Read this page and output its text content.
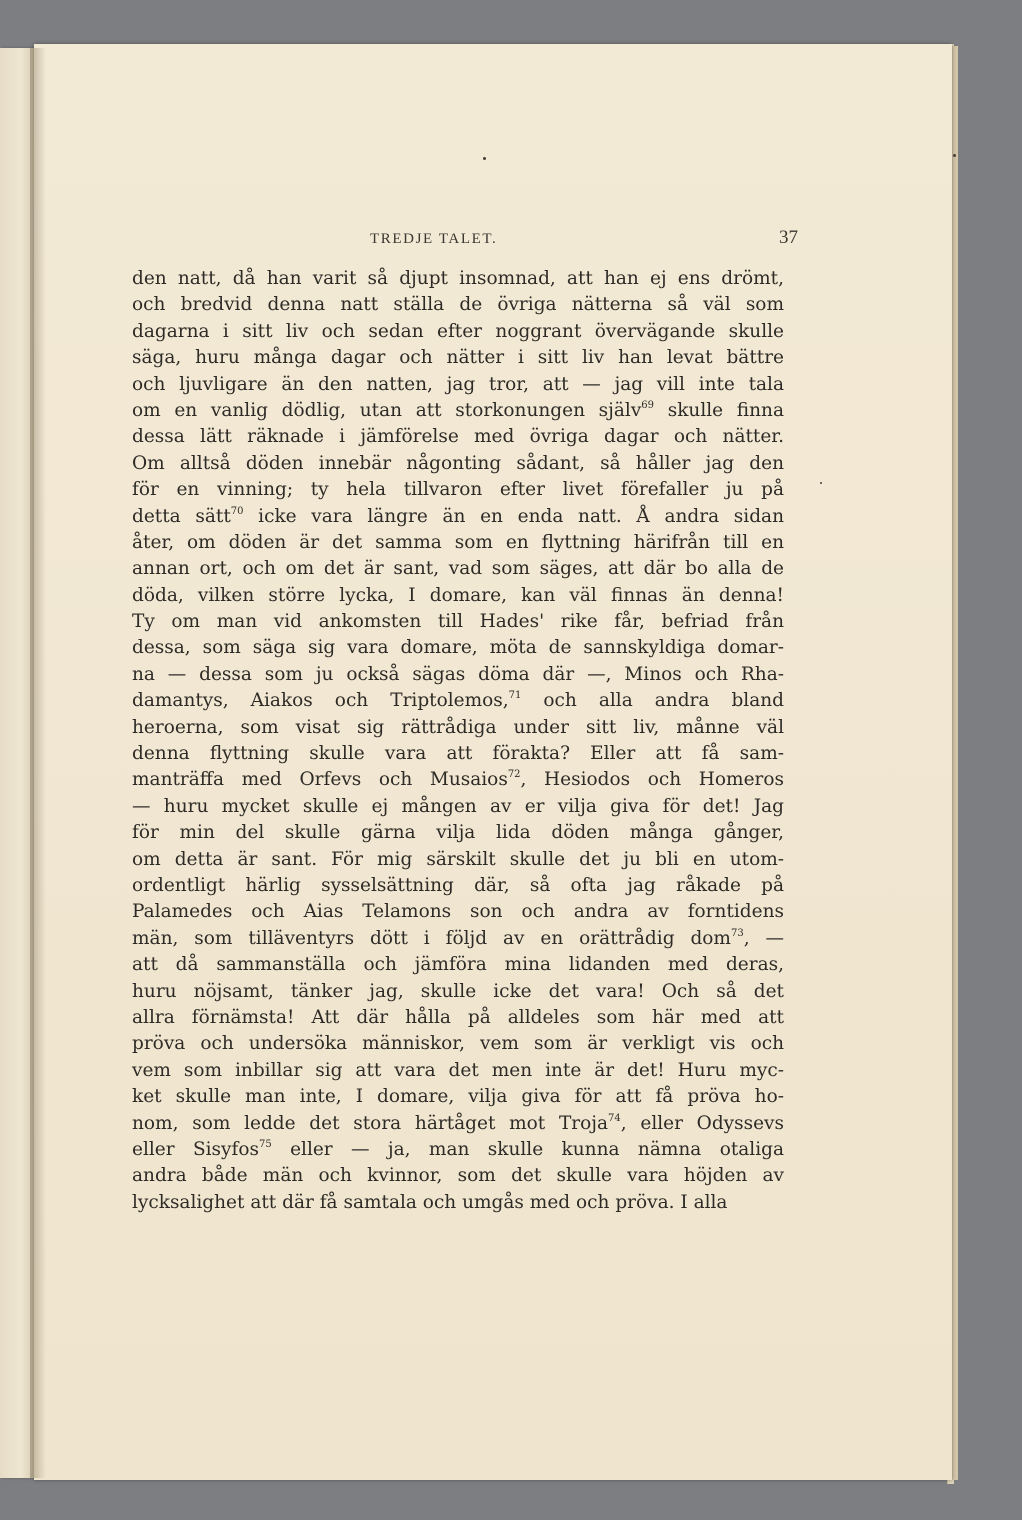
TREDJE TALET.	37
den natt, då han varit så djupt insomnad, att han ej ens drömt,
och bredvid denna natt ställa de övriga nätterna så väl som
dagarna i sitt liv och sedan efter noggrant övervägande skulle
säga, huru många dagar och nätter i sitt liv han levat bättre
och ljuvligare än den natten, jag tror, att — jag vill inte tala
om en vanlig dödlig, utan att storkonungen själv$^{69}$ skulle finna
dessa lätt räknade i jämförelse med övriga dagar och nätter.
Om alltså döden innebär någonting sådant, så håller jag den
för en vinning; ty hela tillvaron efter livet förefaller ju på
detta sätt$^{70}$ icke vara längre än en enda natt. Å andra sidan
åter, om döden är det samma som en flyttning härifrån till en
annan ort, och om det är sant, vad som säges, att där bo alla de
döda, vilken större lycka, I domare, kan väl finnas än denna!
Ty om man vid ankomsten till Hades' rike får, befriad från
dessa, som säga sig vara domare, möta de sannskyldiga domar-
na — dessa som ju också sägas döma där —, Minos och Rha-
damantys, Aiakos och Triptolemos,$^{71}$ och alla andra bland
heroerna, som visat sig rättrådiga under sitt liv, månne väl
denna flyttning skulle vara att förakta? Eller att få sam-
manträffa med Orfevs och Musaios$^{72}$, Hesiodos och Homeros
— huru mycket skulle ej mången av er vilja giva för det! Jag
för min del skulle gärna vilja lida döden många gånger,
om detta är sant. För mig särskilt skulle det ju bli en utom-
ordentligt härlig sysselsättning där, så ofta jag råkade på
Palamedes och Aias Telamons son och andra av forntidens
män, som tilläventyrs dött i följd av en orättrådig dom$^{73}$, —
att då sammanställa och jämföra mina lidanden med deras,
huru nöjsamt, tänker jag, skulle icke det vara! Och så det
allra förnämsta! Att där hålla på alldeles som här med att
pröva och undersöka människor, vem som är verkligt vis och
vem som inbillar sig att vara det men inte är det! Huru myc-
ket skulle man inte, I domare, vilja giva för att få pröva ho-
nom, som ledde det stora härtåget mot Troja$^{74}$, eller Odyssevs
eller Sisyfos$^{75}$ eller — ja, man skulle kunna nämna otaliga
andra både män och kvinnor, som det skulle vara höjden av
lycksalighet att där få samtala och umgås med och pröva. I alla
